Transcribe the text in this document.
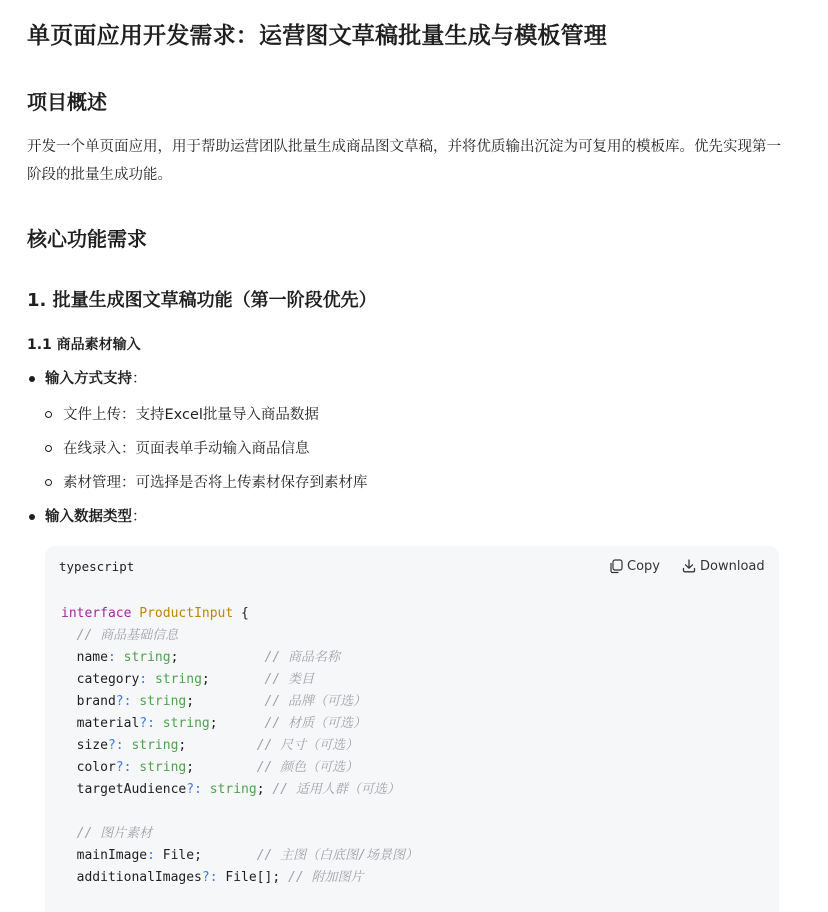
单页面应用开发需求：运营图文草稿批量生成与模板管理
项目概述
开发一个单页面应用，用于帮助运营团队批量生成商品图文草稿，并将优质输出沉淀为可复用的模板库。优先实现第一阶段的批量生成功能。
核心功能需求
1. 批量生成图文草稿功能（第一阶段优先）
1.1 商品素材输入
输入方式支持：
文件上传：支持Excel批量导入商品数据
在线录入：页面表单手动输入商品信息
素材管理：可选择是否将上传素材保存到素材库
输入数据类型：
typescript	Copy	Download
interface ProductInput {
// 商品基础信息
name: string;	// 商品名称
category: string;	// 类目
brand?: string;	// 品牌（可选）
material?: string;	// 材质（可选）
size?: string;	// 尺寸（可选）
color?: string;	// 颜色（可选）
targetAudience?: string; // 适用人群（可选）

// 图片素材
mainImage: File;	// 主图（白底图/场景图）
additionalImages?: File[]; // 附加图片
